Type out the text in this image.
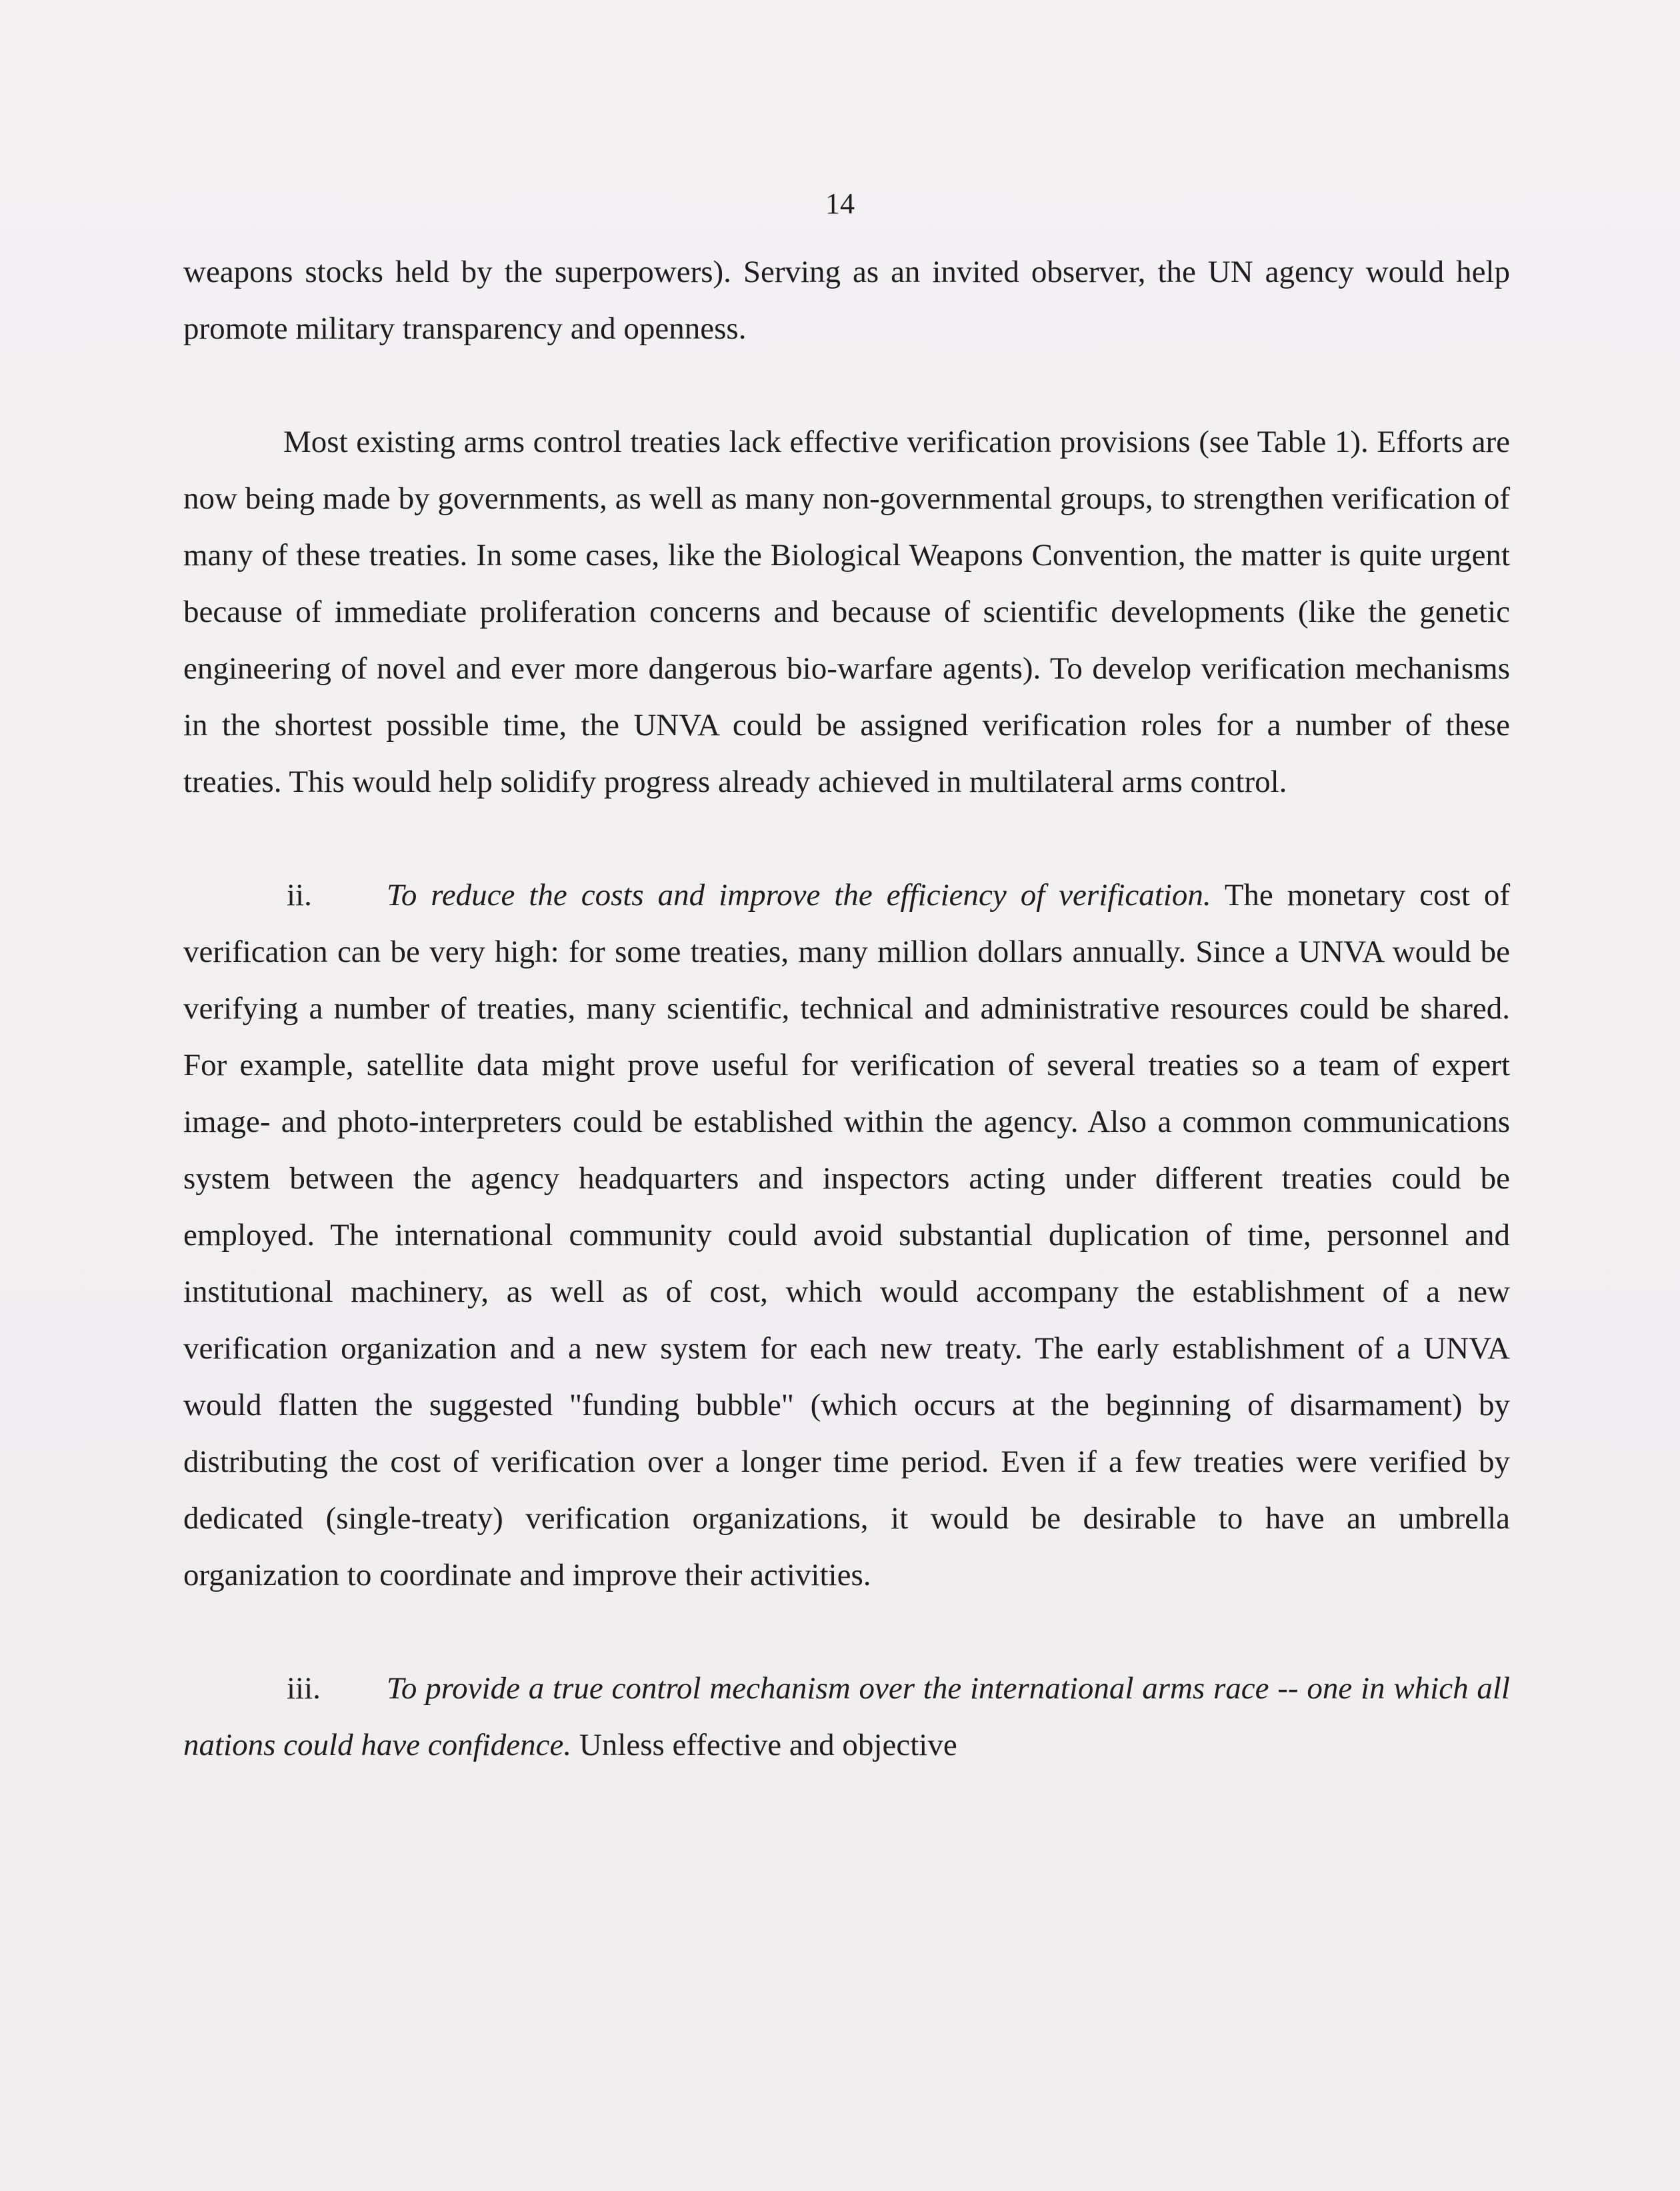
14

weapons stocks held by the superpowers). Serving as an invited observer, the UN agency would help promote military transparency and openness.

Most existing arms control treaties lack effective verification provisions (see Table 1). Efforts are now being made by governments, as well as many non-governmental groups, to strengthen verification of many of these treaties. In some cases, like the Biological Weapons Convention, the matter is quite urgent because of immediate proliferation concerns and because of scientific developments (like the genetic engineering of novel and ever more dangerous bio-warfare agents). To develop verification mechanisms in the shortest possible time, the UNVA could be assigned verification roles for a number of these treaties. This would help solidify progress already achieved in multilateral arms control.

ii. To reduce the costs and improve the efficiency of verification. The monetary cost of verification can be very high: for some treaties, many million dollars annually. Since a UNVA would be verifying a number of treaties, many scientific, technical and administrative resources could be shared. For example, satellite data might prove useful for verification of several treaties so a team of expert image- and photo-interpreters could be established within the agency. Also a common communications system between the agency headquarters and inspectors acting under different treaties could be employed. The international community could avoid substantial duplication of time, personnel and institutional machinery, as well as of cost, which would accompany the establishment of a new verification organization and a new system for each new treaty. The early establishment of a UNVA would flatten the suggested "funding bubble" (which occurs at the beginning of disarmament) by distributing the cost of verification over a longer time period. Even if a few treaties were verified by dedicated (single-treaty) verification organizations, it would be desirable to have an umbrella organization to coordinate and improve their activities.

iii. To provide a true control mechanism over the international arms race -- one in which all nations could have confidence. Unless effective and objective
